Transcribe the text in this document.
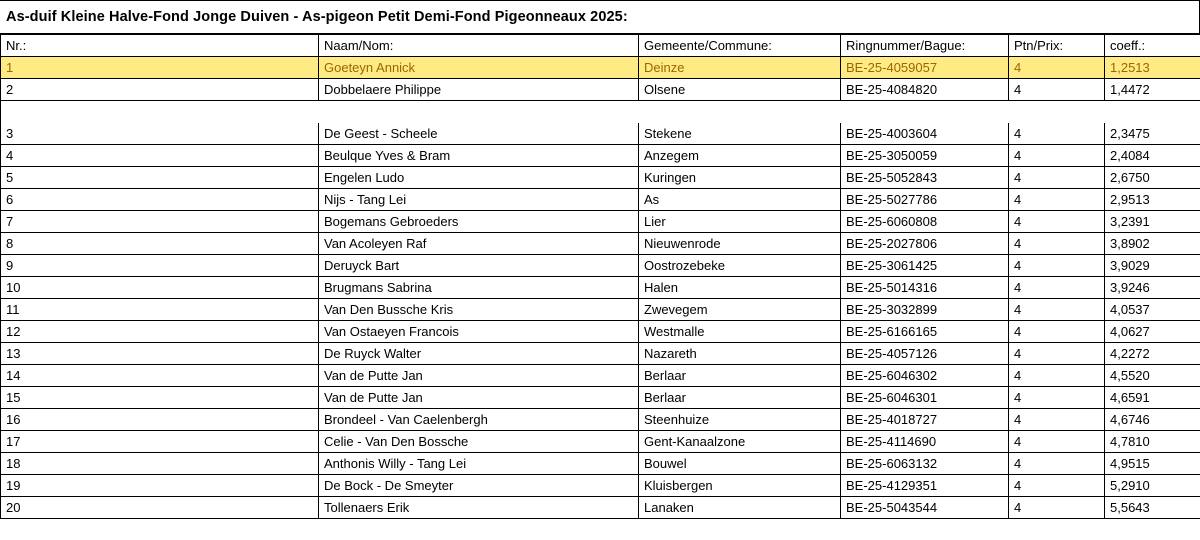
As-duif Kleine Halve-Fond Jonge Duiven - As-pigeon Petit Demi-Fond Pigeonneaux 2025:
Nr.:	Naam/Nom:	Gemeente/Commune:	Ringnummer/Bague:	Ptn/Prix:	coeff.:
1	Goeteyn Annick	Deinze	BE-25-4059057	4	1,2513
2	Dobbelaere Philippe	Olsene	BE-25-4084820	4	1,4472

3	De Geest - Scheele	Stekene	BE-25-4003604	4	2,3475
4	Beulque Yves & Bram	Anzegem	BE-25-3050059	4	2,4084
5	Engelen Ludo	Kuringen	BE-25-5052843	4	2,6750
6	Nijs - Tang Lei	As	BE-25-5027786	4	2,9513
7	Bogemans Gebroeders	Lier	BE-25-6060808	4	3,2391
8	Van Acoleyen Raf	Nieuwenrode	BE-25-2027806	4	3,8902
9	Deruyck Bart	Oostrozebeke	BE-25-3061425	4	3,9029
10	Brugmans Sabrina	Halen	BE-25-5014316	4	3,9246
11	Van Den Bussche Kris	Zwevegem	BE-25-3032899	4	4,0537
12	Van Ostaeyen Francois	Westmalle	BE-25-6166165	4	4,0627
13	De Ruyck Walter	Nazareth	BE-25-4057126	4	4,2272
14	Van de Putte Jan	Berlaar	BE-25-6046302	4	4,5520
15	Van de Putte Jan	Berlaar	BE-25-6046301	4	4,6591
16	Brondeel - Van Caelenbergh	Steenhuize	BE-25-4018727	4	4,6746
17	Celie - Van Den Bossche	Gent-Kanaalzone	BE-25-4114690	4	4,7810
18	Anthonis Willy - Tang Lei	Bouwel	BE-25-6063132	4	4,9515
19	De Bock - De Smeyter	Kluisbergen	BE-25-4129351	4	5,2910
20	Tollenaers Erik	Lanaken	BE-25-5043544	4	5,5643
